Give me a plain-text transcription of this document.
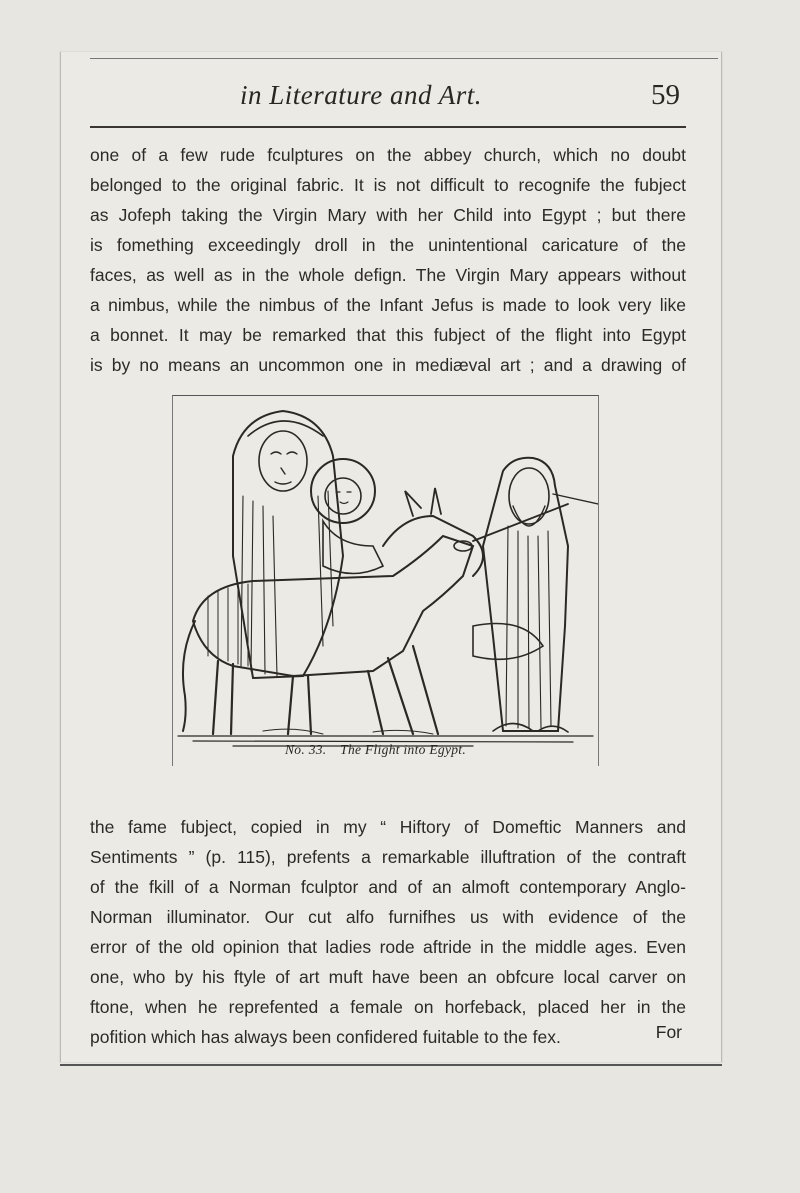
in Literature and Art.	59
one of a few rude fculptures on the abbey church, which no doubt
belonged to the original fabric. It is not difficult to recognife the fubject
as Jofeph taking the Virgin Mary with her Child into Egypt ; but there
is fomething exceedingly droll in the unintentional caricature of the
faces, as well as in the whole defign. The Virgin Mary appears without
a nimbus, while the nimbus of the Infant Jefus is made to look very like
a bonnet. It may be remarked that this fubject of the flight into Egypt
is by no means an uncommon one in mediæval art ; and a drawing of
No. 33. The Flight into Egypt.
the fame fubject, copied in my “ Hiftory of Domeftic Manners and
Sentiments ” (p. 115), prefents a remarkable illuftration of the contraft
of the fkill of a Norman fculptor and of an almoft contemporary Anglo-
Norman illuminator. Our cut alfo furnifhes us with evidence of the
error of the old opinion that ladies rode aftride in the middle ages. Even
one, who by his ftyle of art muft have been an obfcure local carver on
ftone, when he reprefented a female on horfeback, placed her in the
pofition which has always been confidered fuitable to the fex.	For
